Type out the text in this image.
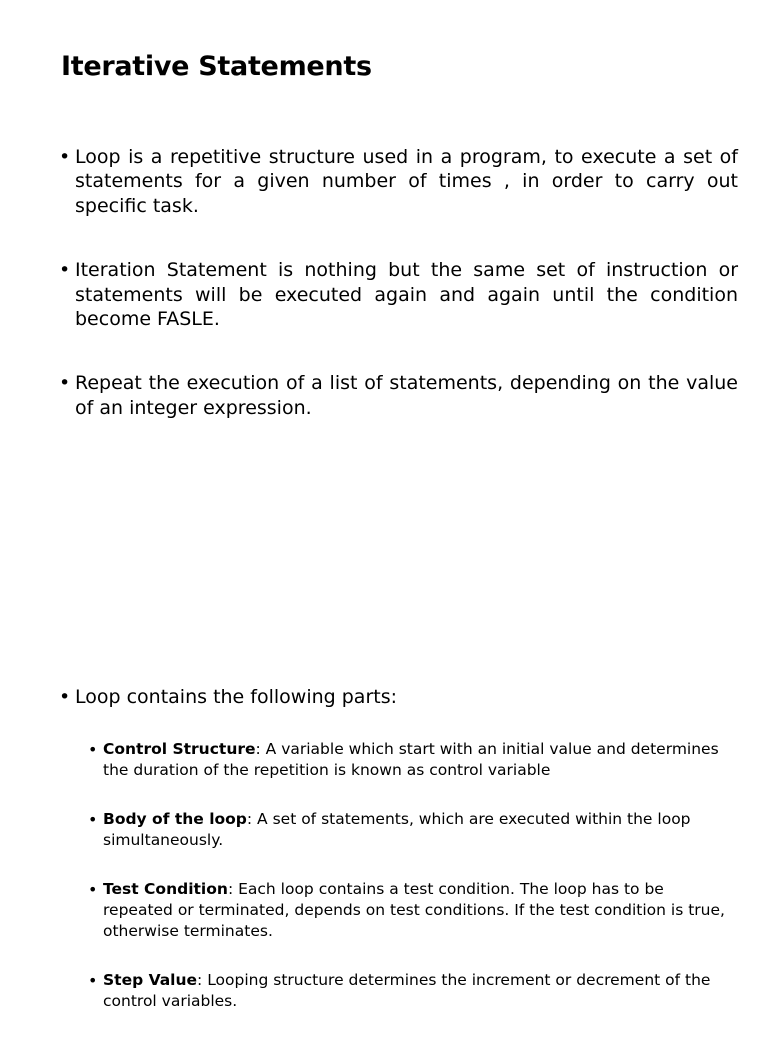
Iterative Statements
• Loop is a repetitive structure used in a program, to execute a set of statements for a given number of times , in order to carry out specific task.
• Iteration Statement is nothing but the same set of instruction or statements will be executed again and again until the condition become FASLE.
• Repeat the execution of a list of statements, depending on the value of an integer expression.
• Loop contains the following parts:
• Control Structure: A variable which start with an initial value and determines the duration of the repetition is known as control variable
• Body of the loop: A set of statements, which are executed within the loop simultaneously.
• Test Condition: Each loop contains a test condition. The loop has to be repeated or terminated, depends on test conditions. If the test condition is true, otherwise terminates.
• Step Value: Looping structure determines the increment or decrement of the control variables.
